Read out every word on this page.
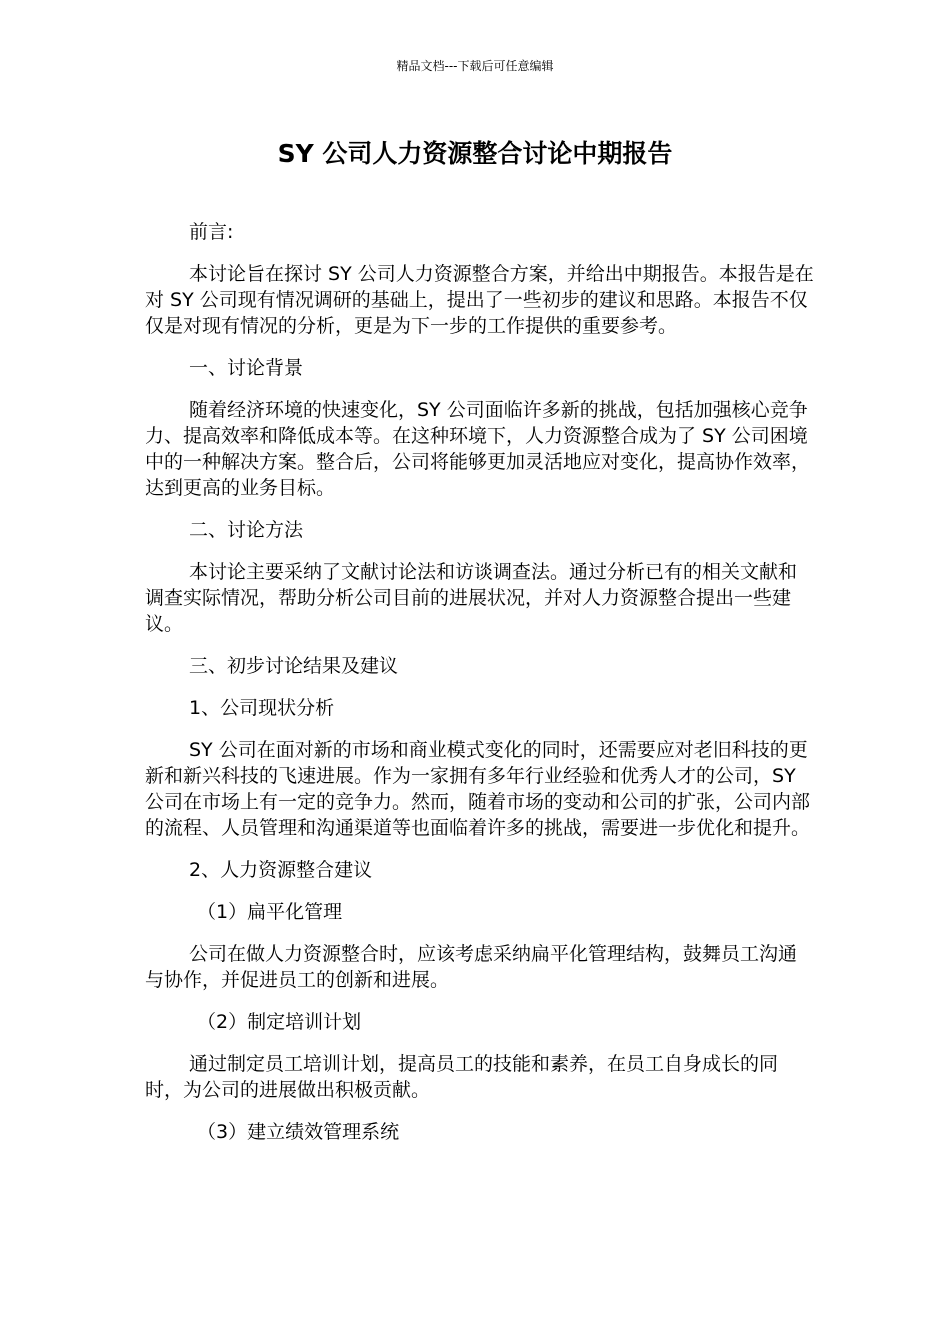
精品文档---下载后可任意编辑
SY 公司人力资源整合讨论中期报告

前言:

本讨论旨在探讨 SY 公司人力资源整合方案，并给出中期报告。本报告是在对 SY 公司现有情况调研的基础上，提出了一些初步的建议和思路。本报告不仅仅是对现有情况的分析，更是为下一步的工作提供的重要参考。

一、讨论背景

随着经济环境的快速变化，SY 公司面临许多新的挑战，包括加强核心竞争力、提高效率和降低成本等。在这种环境下，人力资源整合成为了 SY 公司困境中的一种解决方案。整合后，公司将能够更加灵活地应对变化，提高协作效率，达到更高的业务目标。

二、讨论方法

本讨论主要采纳了文献讨论法和访谈调查法。通过分析已有的相关文献和调查实际情况，帮助分析公司目前的进展状况，并对人力资源整合提出一些建议。

三、初步讨论结果及建议

1、公司现状分析

SY 公司在面对新的市场和商业模式变化的同时，还需要应对老旧科技的更新和新兴科技的飞速进展。作为一家拥有多年行业经验和优秀人才的公司，SY 公司在市场上有一定的竞争力。然而，随着市场的变动和公司的扩张，公司内部的流程、人员管理和沟通渠道等也面临着许多的挑战，需要进一步优化和提升。

2、人力资源整合建议

（1）扁平化管理

公司在做人力资源整合时，应该考虑采纳扁平化管理结构，鼓舞员工沟通与协作，并促进员工的创新和进展。

（2）制定培训计划

通过制定员工培训计划，提高员工的技能和素养，在员工自身成长的同时，为公司的进展做出积极贡献。

（3）建立绩效管理系统
